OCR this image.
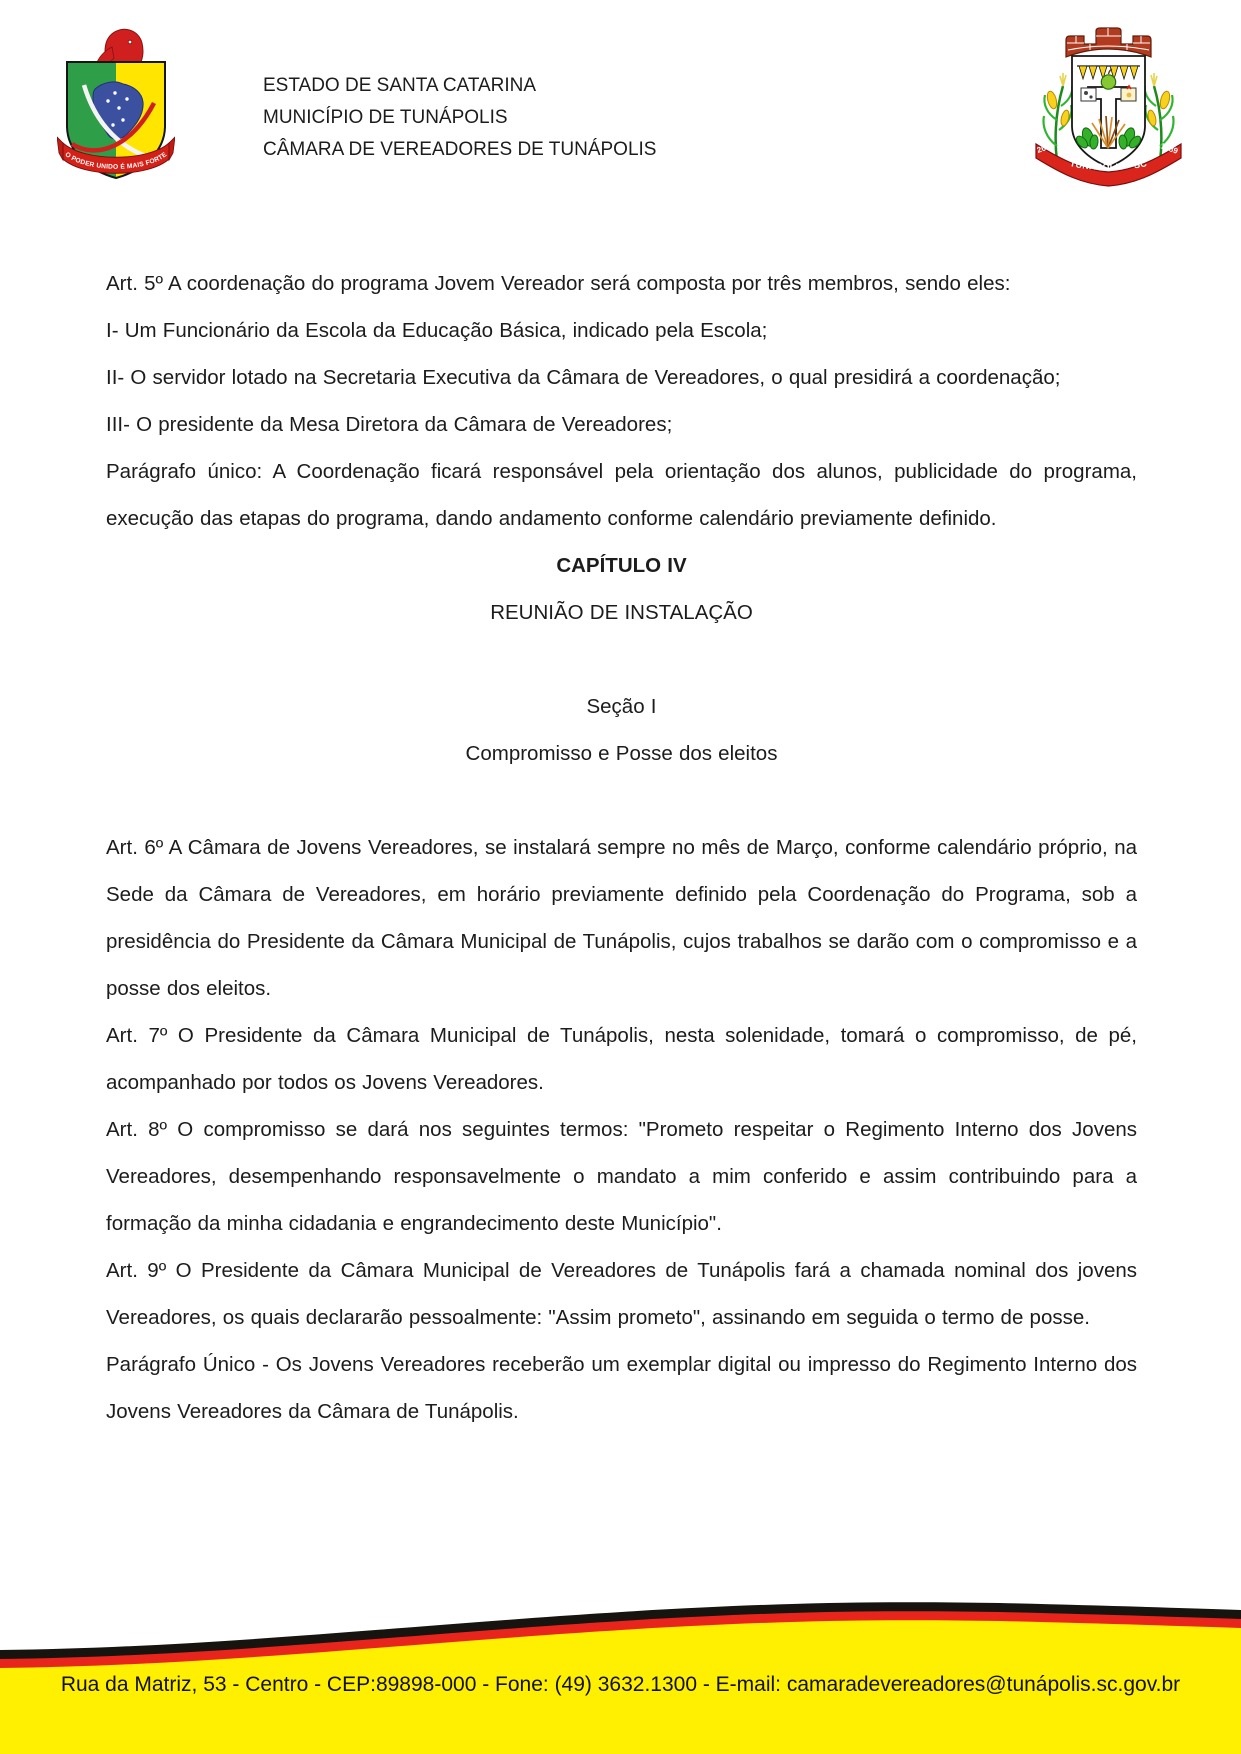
O PODER UNIDO É MAIS FORTE
ESTADO DE SANTA CATARINA
MUNICÍPIO DE TUNÁPOLIS
CÂMARA DE VEREADORES DE TUNÁPOLIS
TUNÁPOLIS • SC
26-4	1989

Art. 5º A coordenação do programa Jovem Vereador será composta por três membros, sendo eles:

I- Um Funcionário da Escola da Educação Básica, indicado pela Escola;

II- O servidor lotado na Secretaria Executiva da Câmara de Vereadores, o qual presidirá a coordenação;

III- O presidente da Mesa Diretora da Câmara de Vereadores;

Parágrafo único: A Coordenação ficará responsável pela orientação dos alunos, publicidade do programa, execução das etapas do programa, dando andamento conforme calendário previamente definido.

CAPÍTULO IV

REUNIÃO DE INSTALAÇÃO

Seção I

Compromisso e Posse dos eleitos

Art. 6º A Câmara de Jovens Vereadores, se instalará sempre no mês de Março, conforme calendário próprio, na Sede da Câmara de Vereadores, em horário previamente definido pela Coordenação do Programa, sob a presidência do Presidente da Câmara Municipal de Tunápolis, cujos trabalhos se darão com o compromisso e a posse dos eleitos.

Art. 7º O Presidente da Câmara Municipal de Tunápolis, nesta solenidade, tomará o compromisso, de pé, acompanhado por todos os Jovens Vereadores.

Art. 8º O compromisso se dará nos seguintes termos: "Prometo respeitar o Regimento Interno dos Jovens Vereadores, desempenhando responsavelmente o mandato a mim conferido e assim contribuindo para a formação da minha cidadania e engrandecimento deste Município".

Art. 9º O Presidente da Câmara Municipal de Vereadores de Tunápolis fará a chamada nominal dos jovens Vereadores, os quais declararão pessoalmente: "Assim prometo", assinando em seguida o termo de posse.

Parágrafo Único - Os Jovens Vereadores receberão um exemplar digital ou impresso do Regimento Interno dos Jovens Vereadores da Câmara de Tunápolis.

Rua da Matriz, 53 - Centro - CEP:89898-000 - Fone: (49) 3632.1300 - E-mail: camaradevereadores@tunápolis.sc.gov.br
